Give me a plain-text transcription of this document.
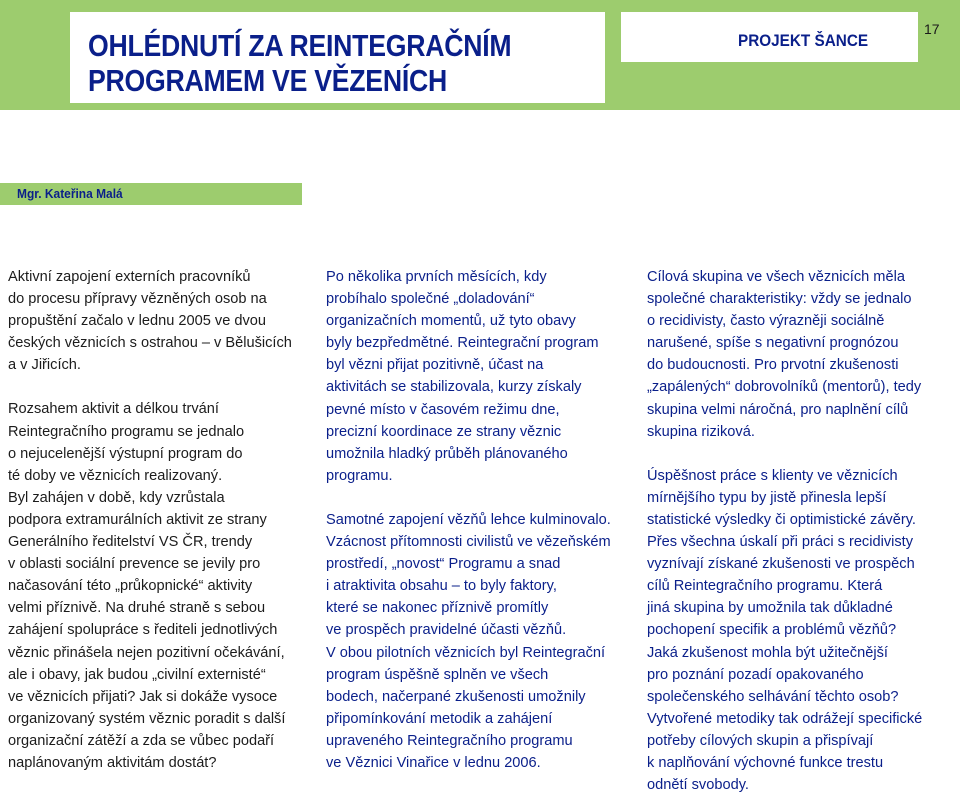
OHLÉDNUTÍ ZA REINTEGRAČNÍM
PROGRAMEM VE VĚZENÍCH
PROJEKT ŠANCE
17
Mgr. Kateřina Malá

Aktivní zapojení externích pracovníků

do procesu přípravy vězněných osob na

propuštění začalo v lednu 2005 ve dvou

českých věznicích s ostrahou – v Bělušicích

a v Jiřicích.

Rozsahem aktivit a délkou trvání

Reintegračního programu se jednalo

o nejucelenější výstupní program do

té doby ve věznicích realizovaný.

Byl zahájen v době, kdy vzrůstala

podpora extramurálních aktivit ze strany

Generálního ředitelství VS ČR, trendy

v oblasti sociální prevence se jevily pro

načasování této „průkopnické“ aktivity

velmi příznivě. Na druhé straně s sebou

zahájení spolupráce s řediteli jednotlivých

věznic přinášela nejen pozitivní očekávání,

ale i obavy, jak budou „civilní externisté“

ve věznicích přijati? Jak si dokáže vysoce

organizovaný systém věznic poradit s další

organizační zátěží a zda se vůbec podaří

naplánovaným aktivitám dostát?

Po několika prvních měsících, kdy

probíhalo společné „doladování“

organizačních momentů, už tyto obavy

byly bezpředmětné. Reintegrační program

byl vězni přijat pozitivně, účast na

aktivitách se stabilizovala, kurzy získaly

pevné místo v časovém režimu dne,

precizní koordinace ze strany věznic

umožnila hladký průběh plánovaného

programu.

Samotné zapojení vězňů lehce kulminovalo.

Vzácnost přítomnosti civilistů ve vězeňském

prostředí, „novost“ Programu a snad

i atraktivita obsahu – to byly faktory,

které se nakonec příznivě promítly

ve prospěch pravidelné účasti vězňů.

V obou pilotních věznicích byl Reintegrační

program úspěšně splněn ve všech

bodech, načerpané zkušenosti umožnily

připomínkování metodik a zahájení

upraveného Reintegračního programu

ve Věznici Vinařice v lednu 2006.

Cílová skupina ve všech věznicích měla

společné charakteristiky: vždy se jednalo

o recidivisty, často výrazněji sociálně

narušené, spíše s negativní prognózou

do budoucnosti. Pro prvotní zkušenosti

„zapálených“ dobrovolníků (mentorů), tedy

skupina velmi náročná, pro naplnění cílů

skupina riziková.

Úspěšnost práce s klienty ve věznicích

mírnějšího typu by jistě přinesla lepší

statistické výsledky či optimistické závěry.

Přes všechna úskalí při práci s recidivisty

vyznívají získané zkušenosti ve prospěch

cílů Reintegračního programu. Která

jiná skupina by umožnila tak důkladné

pochopení specifik a problémů vězňů?

Jaká zkušenost mohla být užitečnější

pro poznání pozadí opakovaného

společenského selhávání těchto osob?

Vytvořené metodiky tak odrážejí specifické

potřeby cílových skupin a přispívají

k naplňování výchovné funkce trestu

odnětí svobody.
